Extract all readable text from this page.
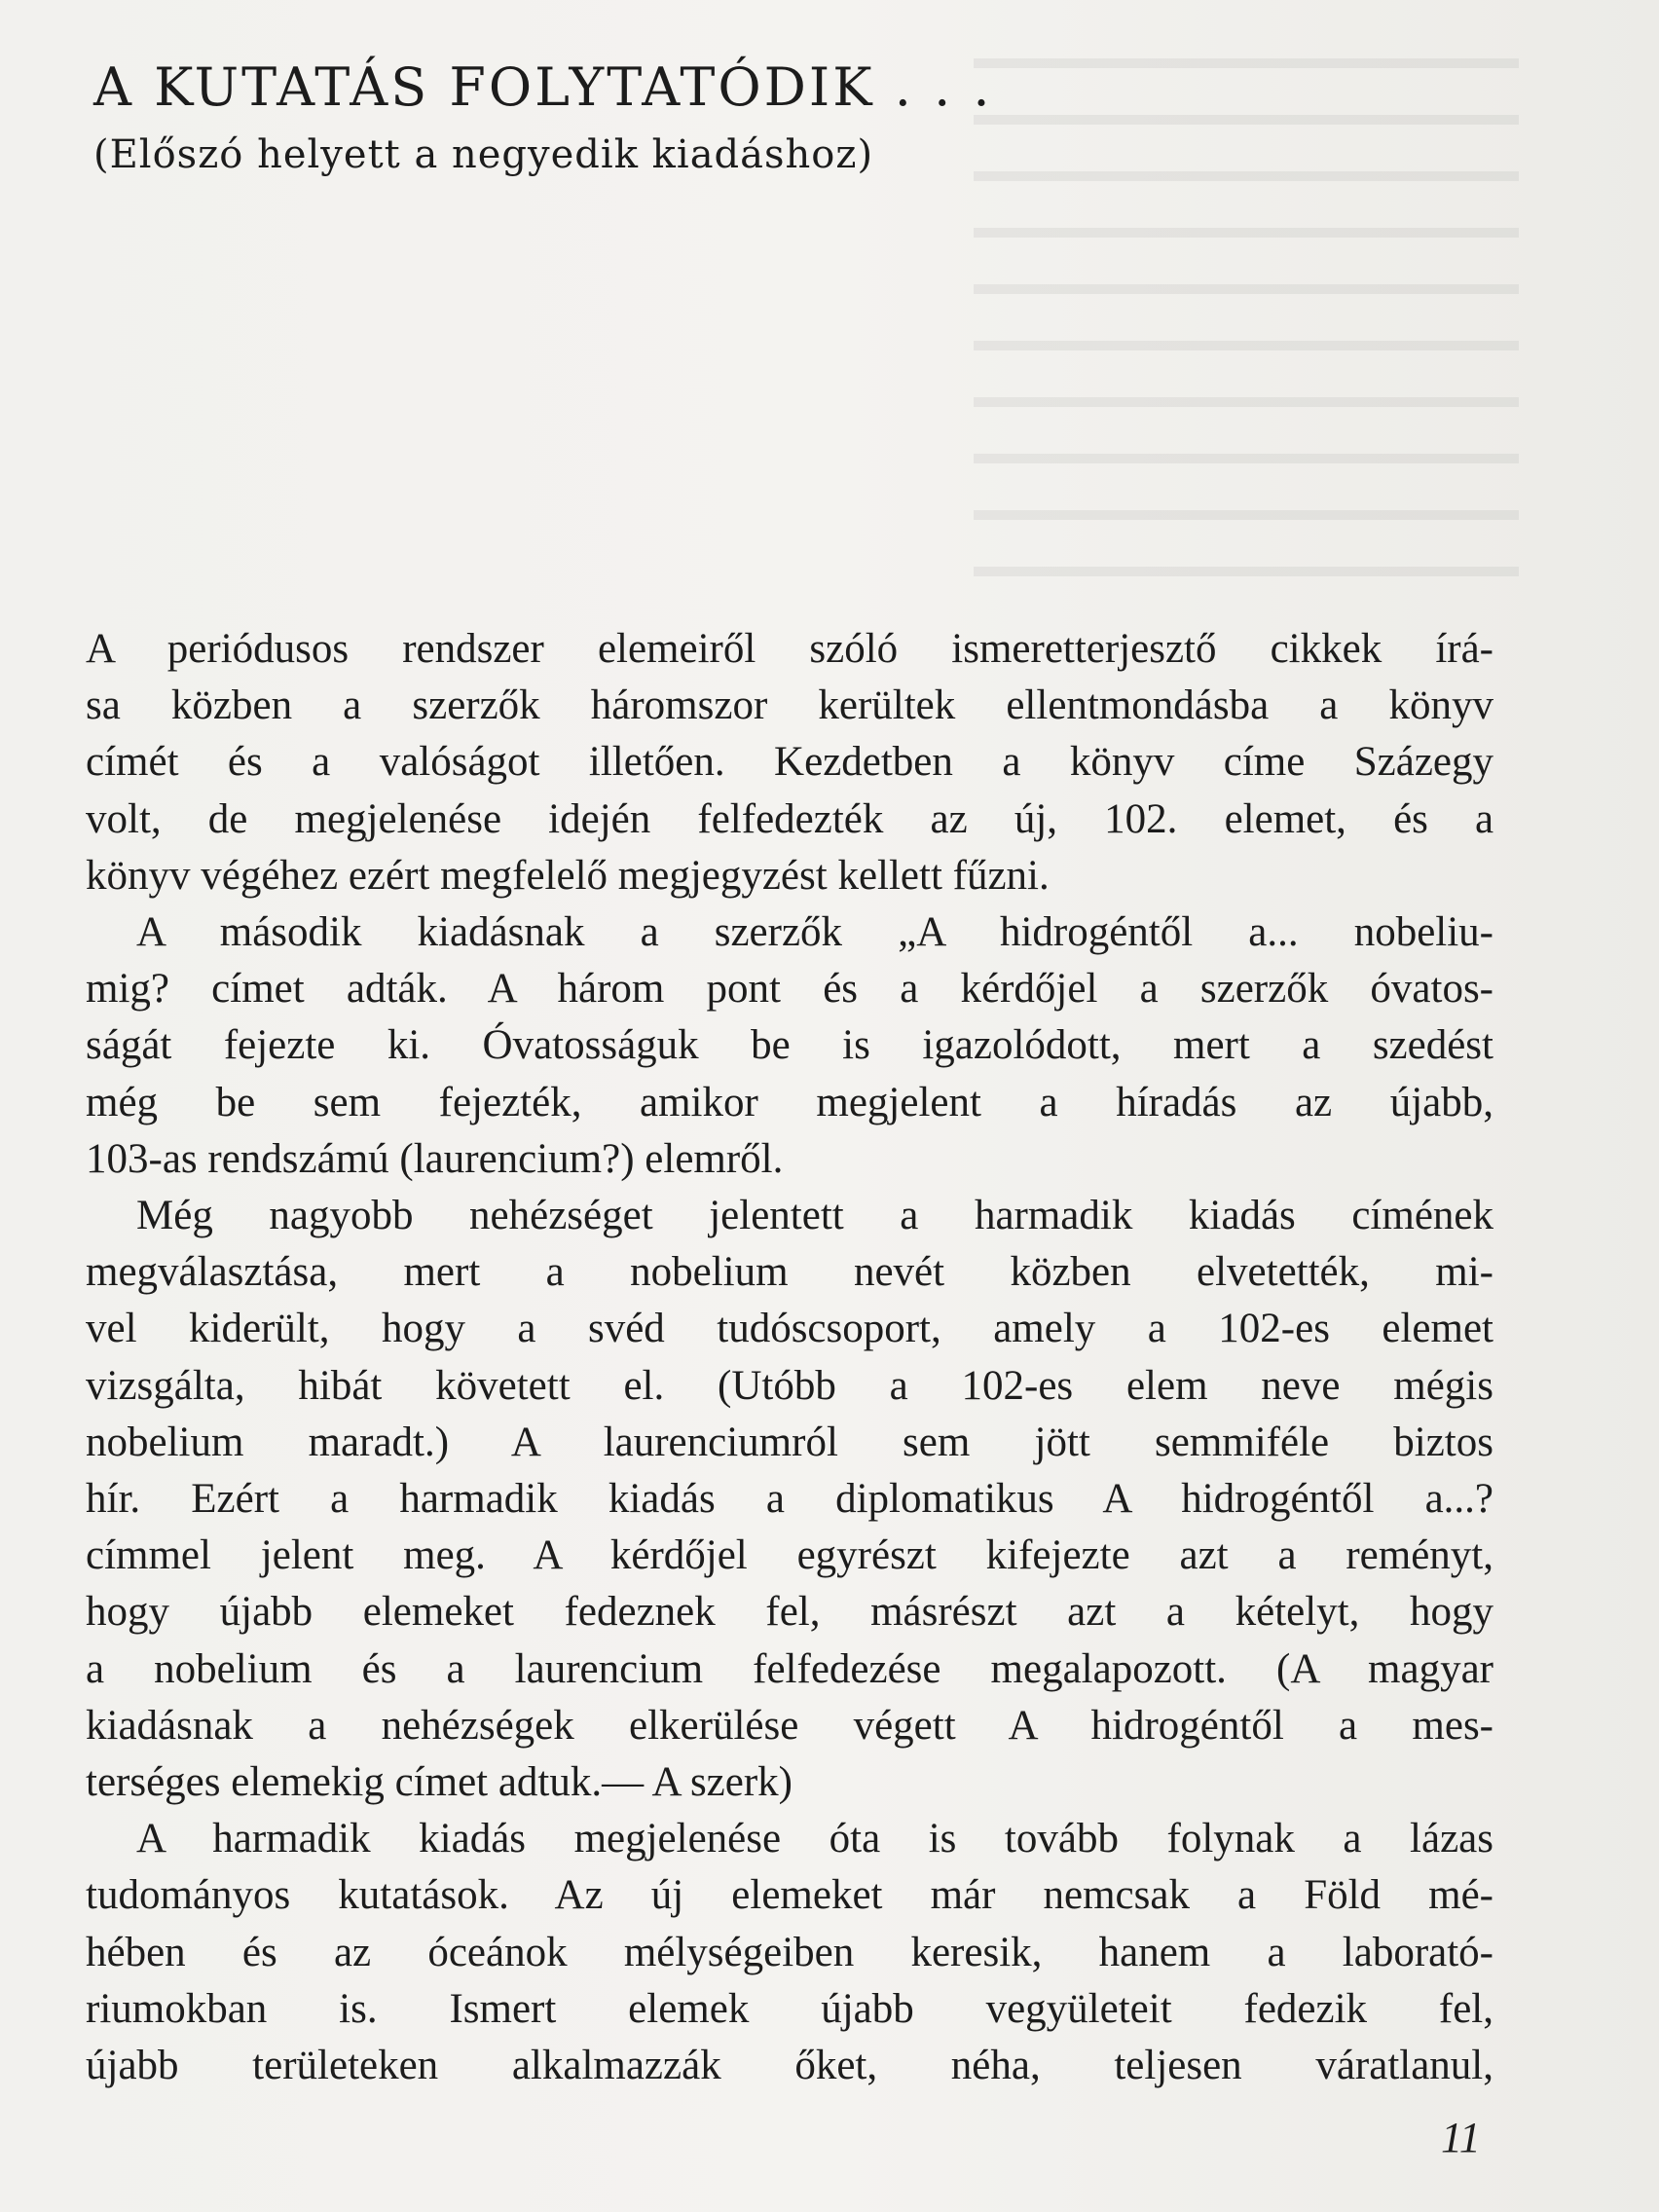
A KUTATÁS FOLYTATÓDIK . . .
(Előszó helyett a negyedik kiadáshoz)
A periódusos rendszer elemeiről szóló ismeretterjesztő cikkek írá-
sa közben a szerzők háromszor kerültek ellentmondásba a könyv
címét és a valóságot illetően. Kezdetben a könyv címe Százegy
volt, de megjelenése idején felfedezték az új, 102. elemet, és a
könyv végéhez ezért megfelelő megjegyzést kellett fűzni.
A második kiadásnak a szerzők „A hidrogéntől a... nobeliu-
mig? címet adták. A három pont és a kérdőjel a szerzők óvatos-
ságát fejezte ki. Óvatosságuk be is igazolódott, mert a szedést
még be sem fejezték, amikor megjelent a híradás az újabb,
103-as rendszámú (laurencium?) elemről.
Még nagyobb nehézséget jelentett a harmadik kiadás címének
megválasztása, mert a nobelium nevét közben elvetették, mi-
vel kiderült, hogy a svéd tudóscsoport, amely a 102-es elemet
vizsgálta, hibát követett el. (Utóbb a 102-es elem neve mégis
nobelium maradt.) A laurenciumról sem jött semmiféle biztos
hír. Ezért a harmadik kiadás a diplomatikus A hidrogéntől a...?
címmel jelent meg. A kérdőjel egyrészt kifejezte azt a reményt,
hogy újabb elemeket fedeznek fel, másrészt azt a kételyt, hogy
a nobelium és a laurencium felfedezése megalapozott. (A magyar
kiadásnak a nehézségek elkerülése végett A hidrogéntől a mes-
terséges elemekig címet adtuk.— A szerk)
A harmadik kiadás megjelenése óta is tovább folynak a lázas
tudományos kutatások. Az új elemeket már nemcsak a Föld mé-
hében és az óceánok mélységeiben keresik, hanem a laborató-
riumokban is. Ismert elemek újabb vegyületeit fedezik fel,
újabb területeken alkalmazzák őket, néha, teljesen váratlanul,
11
